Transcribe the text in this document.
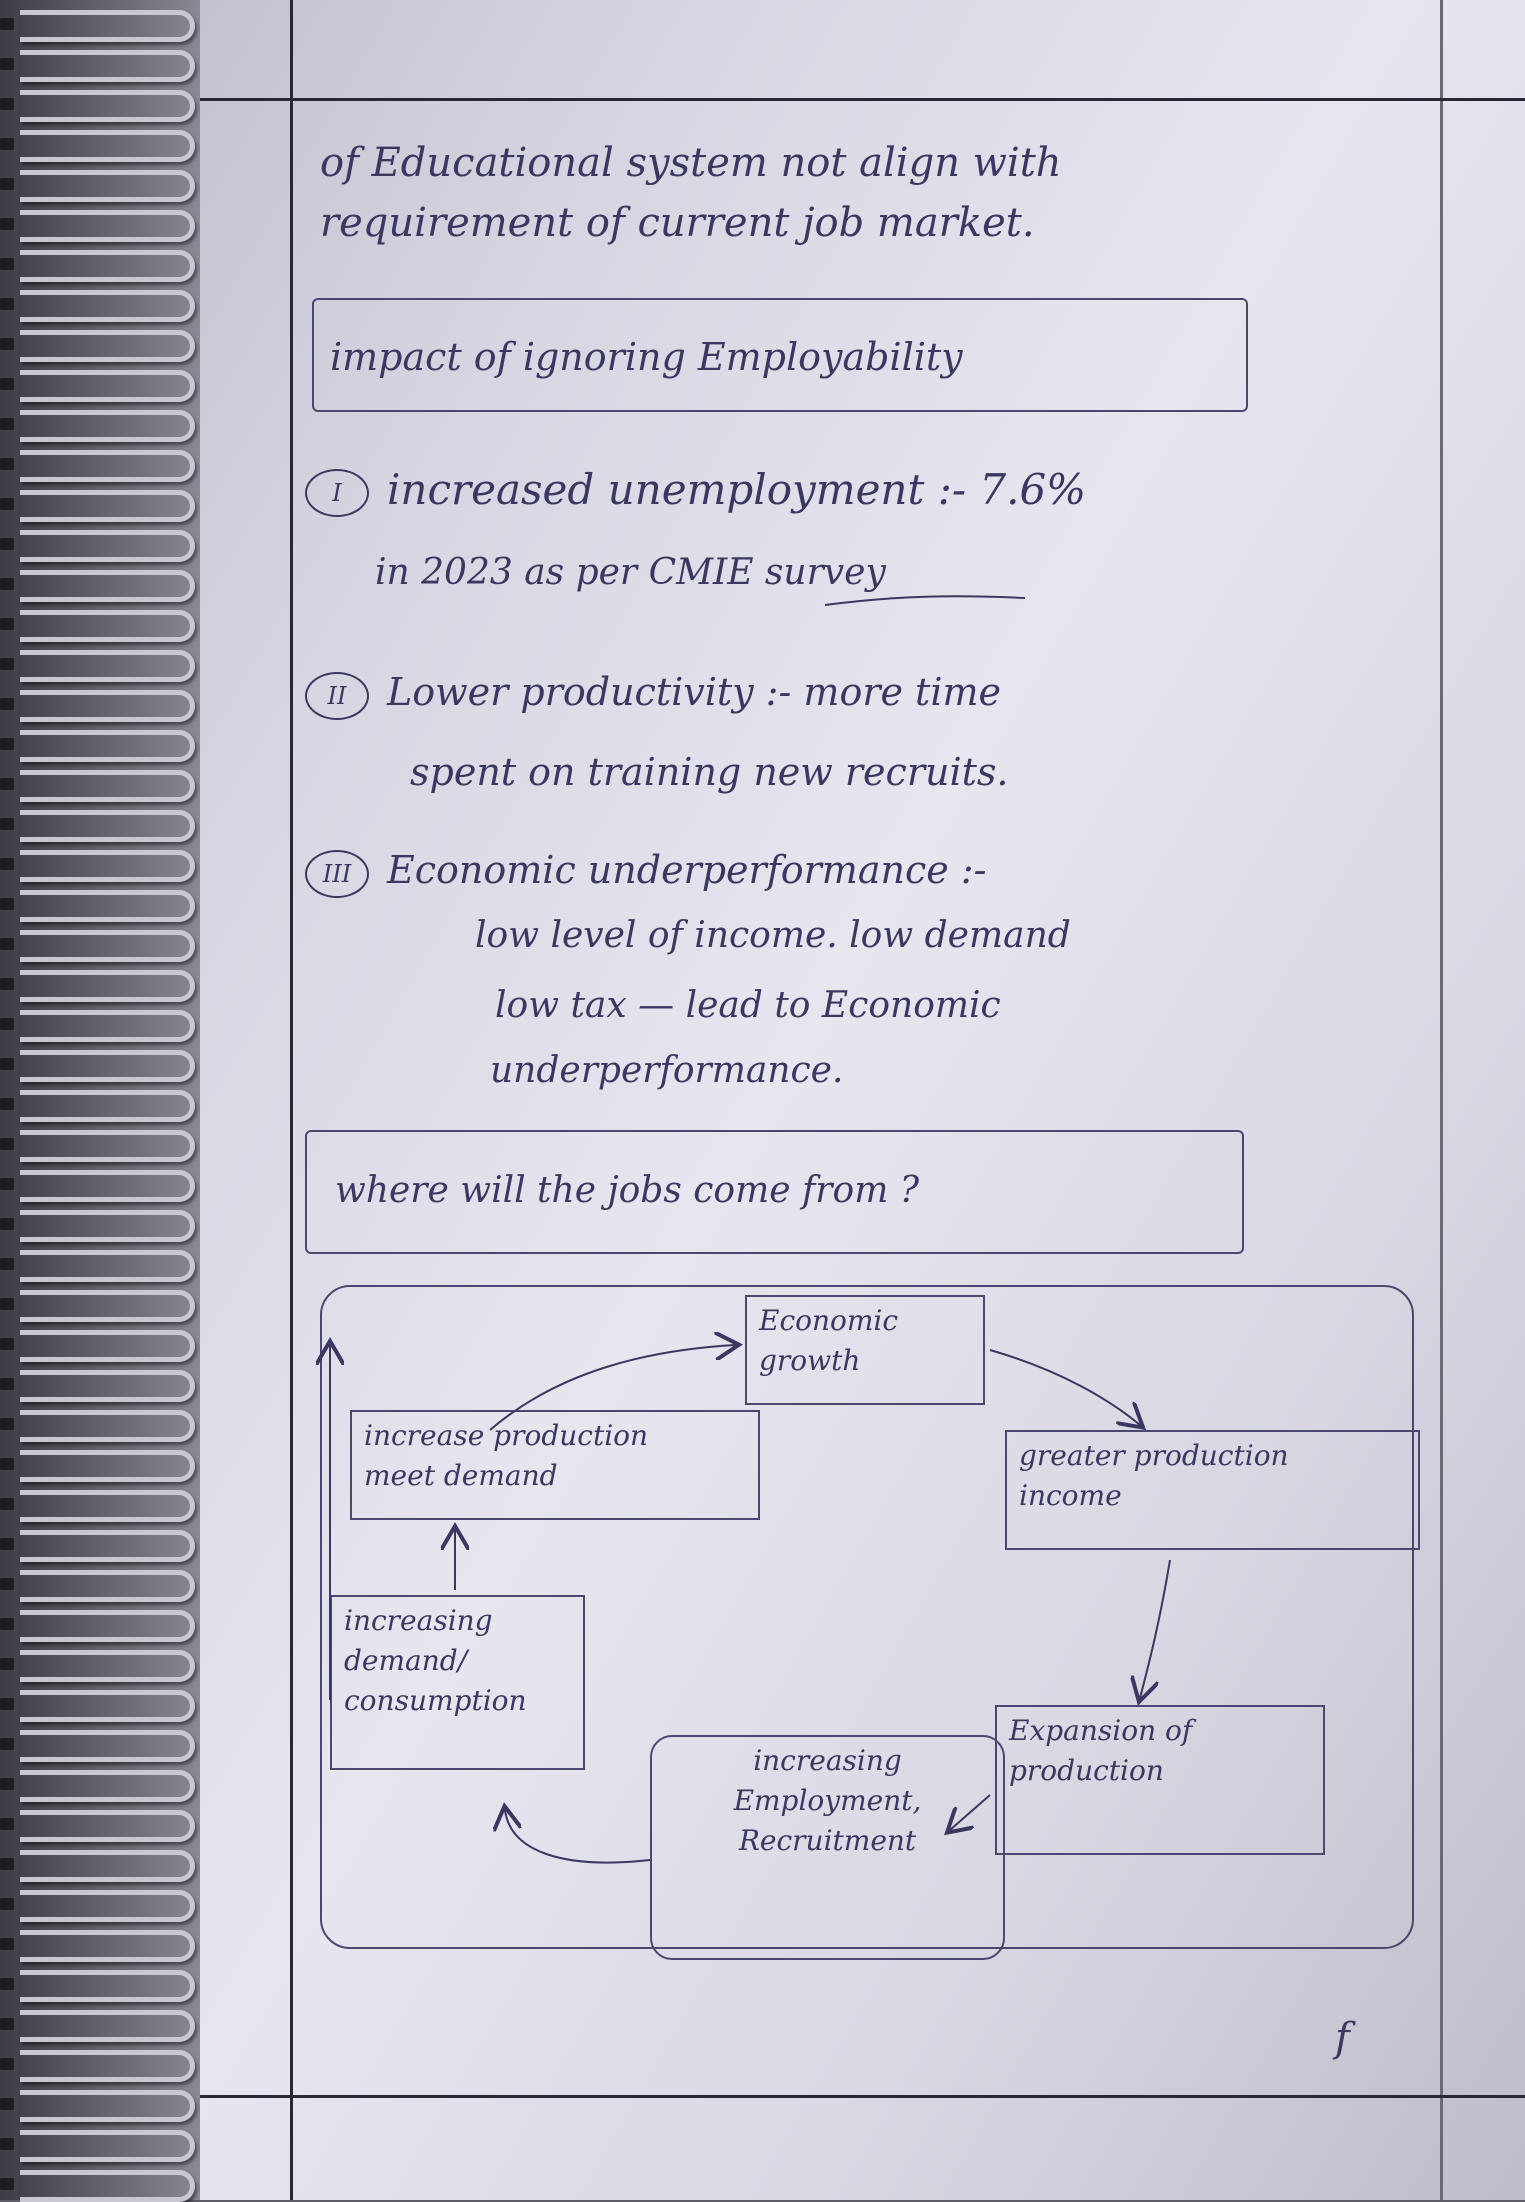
of Educational system not align with
requirement of current job market.
impact of ignoring Employability
I increased unemployment :- 7.6%
in 2023 as per CMIE survey
II Lower productivity :- more time
spent on training new recruits.
III Economic underperformance :-
low level of income. low demand
low tax — lead to Economic
underperformance.
where will the jobs come from ?
Economic
growth
increase production
meet demand
greater production
income
increasing
demand/
consumption
Expansion of
production
increasing
Employment,
Recruitment
f
